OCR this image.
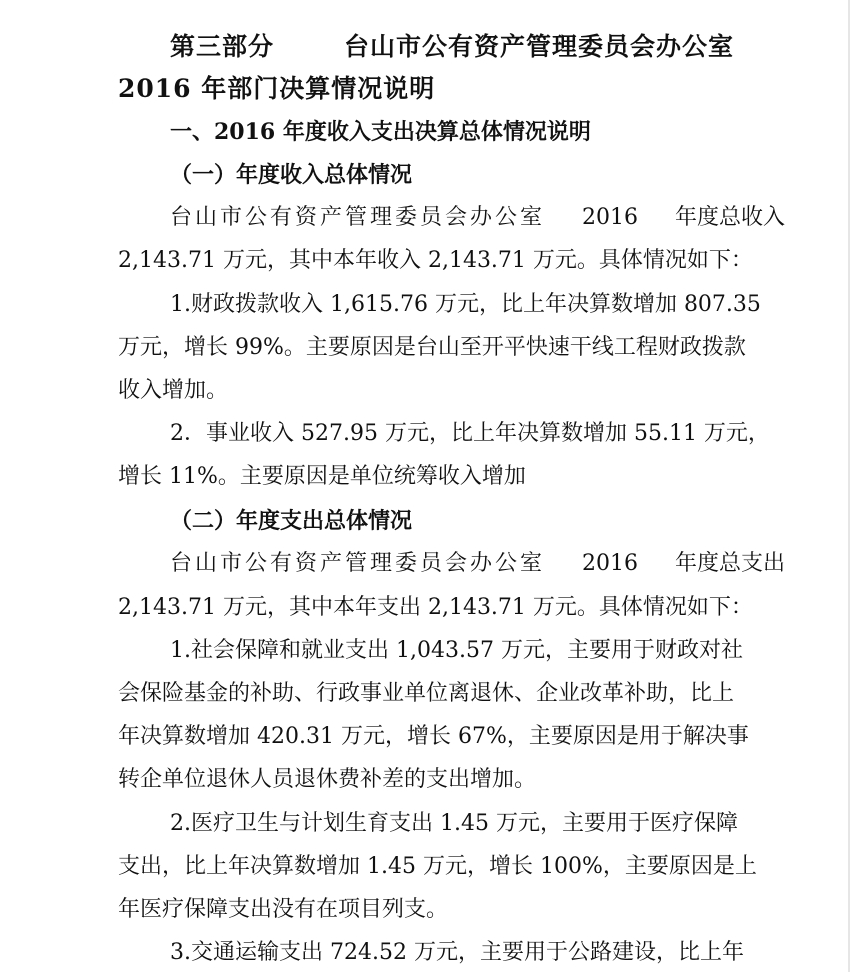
第三部分	台山市公有资产管理委员会办公室
2016 年部门决算情况说明
一、2016 年度收入支出决算总体情况说明
（一）年度收入总体情况
台山市公有资产管理委员会办公室 2016 年度总收入
2,143.71 万元，其中本年收入 2,143.71 万元。具体情况如下：
1.财政拨款收入 1,615.76 万元，比上年决算数增加 807.35
万元，增长 99%。主要原因是台山至开平快速干线工程财政拨款
收入增加。
2．事业收入 527.95 万元，比上年决算数增加 55.11 万元，
增长 11%。主要原因是单位统筹收入增加
（二）年度支出总体情况
台山市公有资产管理委员会办公室 2016 年度总支出
2,143.71 万元，其中本年支出 2,143.71 万元。具体情况如下：
1.社会保障和就业支出 1,043.57 万元，主要用于财政对社
会保险基金的补助、行政事业单位离退休、企业改革补助，比上
年决算数增加 420.31 万元，增长 67%，主要原因是用于解决事
转企单位退休人员退休费补差的支出增加。
2.医疗卫生与计划生育支出 1.45 万元，主要用于医疗保障
支出，比上年决算数增加 1.45 万元，增长 100%，主要原因是上
年医疗保障支出没有在项目列支。
3.交通运输支出 724.52 万元，主要用于公路建设，比上年
